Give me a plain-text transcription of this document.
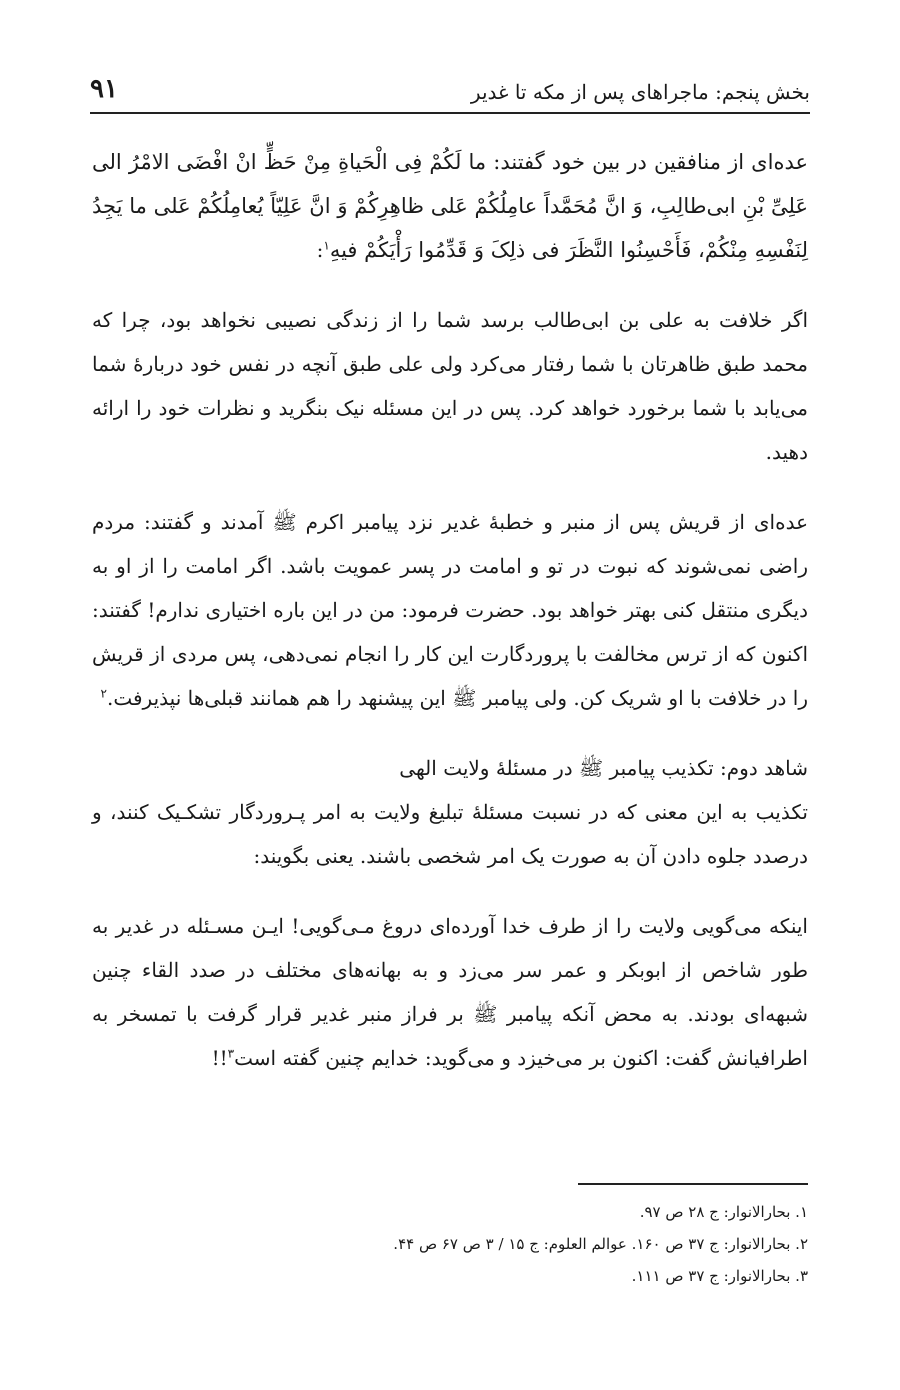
۹۱	بخش پنجم: ماجراهای پس از مکه تا غدیر

عده‌ای از منافقین در بین خود گفتند: ما لَکُمْ فِی الْحَیاةِ مِنْ حَظٍّ انْ افْضَی الامْرُ الی عَلِیِّ بْنِ ابی‌طالِبِ، وَ انَّ مُحَمَّداً عامِلُکُمْ عَلی ظاهِرِکُمْ وَ انَّ عَلِیّاً یُعامِلُکُمْ عَلی ما یَجِدُ لِنَفْسِهِ مِنْکُمْ، فَأَحْسِنُوا النَّظَرَ فی ذلِکَ وَ قَدِّمُوا رَأْیَکُمْ فیهِ$^۱$:

اگر خلافت به علی بن ابی‌طالب برسد شما را از زندگی نصیبی نخواهد بود، چرا که محمد طبق ظاهرتان با شما رفتار می‌کرد ولی علی طبق آنچه در نفس خود دربارهٔ شما می‌یابد با شما برخورد خواهد کرد. پس در این مسئله نیک بنگرید و نظرات خود را ارائه دهید.

عده‌ای از قریش پس از منبر و خطبهٔ غدیر نزد پیامبر اکرم ﷺ آمدند و گفتند: مردم راضی نمی‌شوند که نبوت در تو و امامت در پسر عمویت باشد. اگر امامت را از او به دیگری منتقل کنی بهتر خواهد بود. حضرت فرمود: من در این باره اختیاری ندارم! گفتند: اکنون که از ترس مخالفت با پروردگارت این کار را انجام نمی‌دهی، پس مردی از قریش را در خلافت با او شریک کن. ولی پیامبر ﷺ این پیشنهد را هم همانند قبلی‌ها نپذیرفت.$^۲$

شاهد دوم: تکذیب پیامبر ﷺ در مسئلهٔ ولایت الهی

تکذیب به این معنی که در نسبت مسئلهٔ تبلیغ ولایت به امر پـروردگار تشکـیک کنند، و درصدد جلوه دادن آن به صورت یک امر شخصی باشند. یعنی بگویند:

اینکه می‌گویی ولایت را از طرف خدا آورده‌ای دروغ مـی‌گویی! ایـن مسـئله در غدیر به طور شاخص از ابوبکر و عمر سر می‌زد و به بهانه‌های مختلف در صدد القاء چنین شبهه‌ای بودند. به محض آنکه پیامبر ﷺ بر فراز منبر غدیر قرار گرفت با تمسخر به اطرافیانش گفت: اکنون بر می‌خیزد و می‌گوید: خدایم چنین گفته است$^۳$!!

۱. بحارالانوار: ج ۲۸ ص ۹۷.
۲. بحارالانوار: ج ۳۷ ص ۱۶۰. عوالم العلوم: ج ۱۵ / ۳ ص ۶۷ ص ۴۴.
۳. بحارالانوار: ج ۳۷ ص ۱۱۱.
